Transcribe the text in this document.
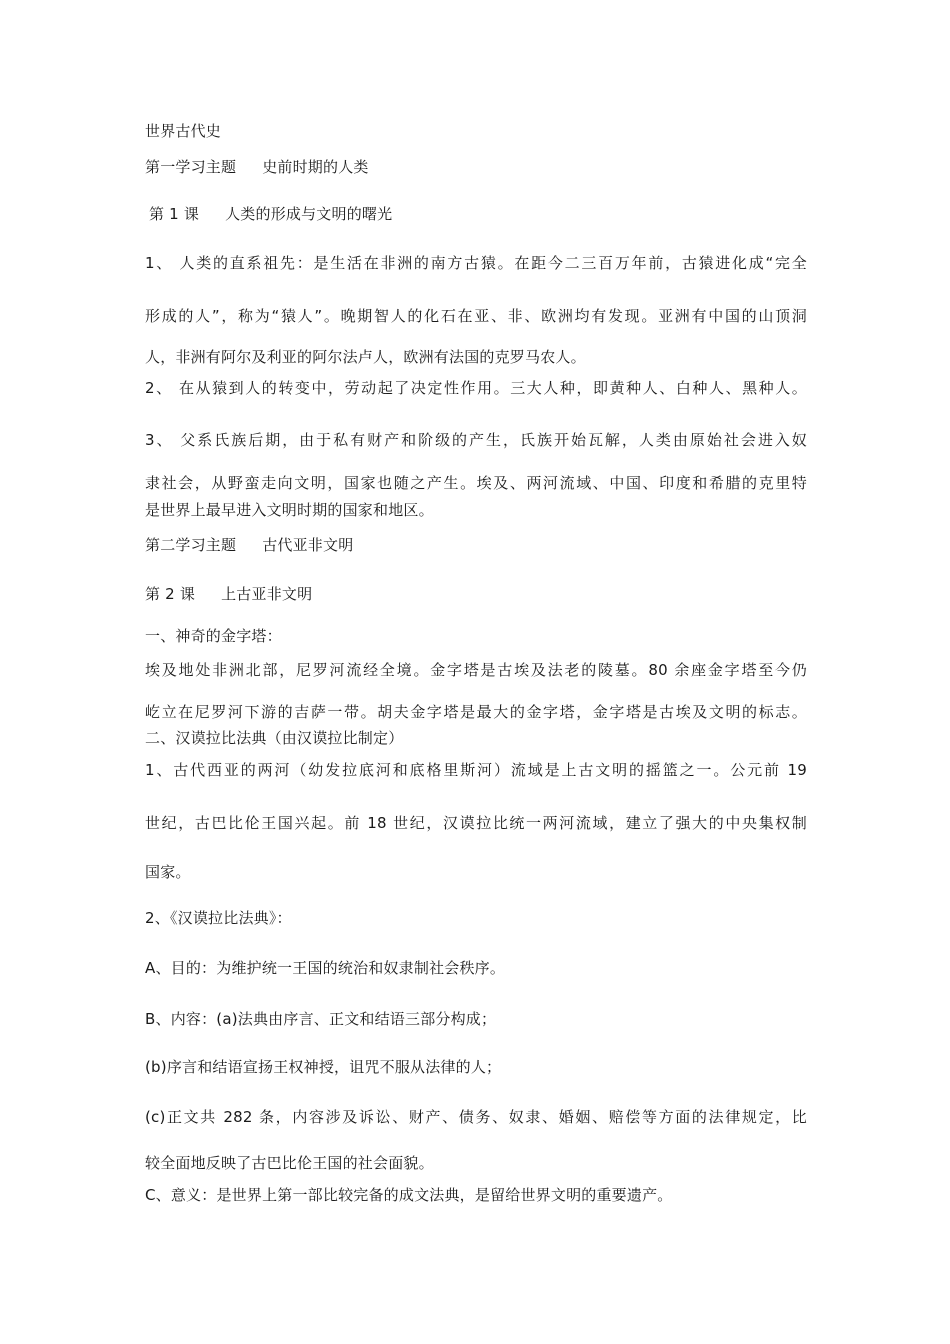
世界古代史
第一学习主题 史前时期的人类
第 1 课 人类的形成与文明的曙光
1、 人类的直系祖先：是生活在非洲的南方古猿。在距今二三百万年前，古猿进化成“完全
形成的人”，称为“猿人”。晚期智人的化石在亚、非、欧洲均有发现。亚洲有中国的山顶洞
人，非洲有阿尔及利亚的阿尔法卢人，欧洲有法国的克罗马农人。
2、 在从猿到人的转变中，劳动起了决定性作用。三大人种，即黄种人、白种人、黑种人。
3、 父系氏族后期，由于私有财产和阶级的产生，氏族开始瓦解，人类由原始社会进入奴
隶社会，从野蛮走向文明，国家也随之产生。埃及、两河流域、中国、印度和希腊的克里特
是世界上最早进入文明时期的国家和地区。
第二学习主题 古代亚非文明
第 2 课 上古亚非文明
一、神奇的金字塔：
埃及地处非洲北部，尼罗河流经全境。金字塔是古埃及法老的陵墓。80 余座金字塔至今仍
屹立在尼罗河下游的吉萨一带。胡夫金字塔是最大的金字塔，金字塔是古埃及文明的标志。
二、汉谟拉比法典（由汉谟拉比制定）
1、古代西亚的两河（幼发拉底河和底格里斯河）流域是上古文明的摇篮之一。公元前 19
世纪，古巴比伦王国兴起。前 18 世纪，汉谟拉比统一两河流域，建立了强大的中央集权制
国家。
2、《汉谟拉比法典》：
A、目的：为维护统一王国的统治和奴隶制社会秩序。
B、内容：(a)法典由序言、正文和结语三部分构成；
(b)序言和结语宣扬王权神授，诅咒不服从法律的人；
(c)正文共 282 条，内容涉及诉讼、财产、债务、奴隶、婚姻、赔偿等方面的法律规定，比
较全面地反映了古巴比伦王国的社会面貌。
C、意义：是世界上第一部比较完备的成文法典，是留给世界文明的重要遗产。
